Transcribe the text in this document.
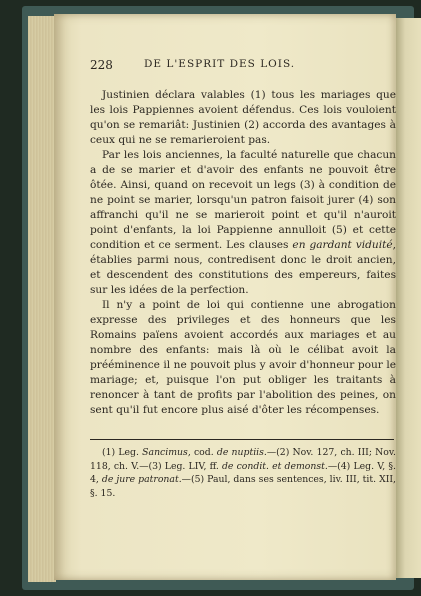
228	DE L'ESPRIT DES LOIS.

Justinien déclara valables (1) tous les mariages que les lois Pappiennes avoient défendus. Ces lois vouloient qu'on se remariât: Justinien (2) accorda des avantages à ceux qui ne se remarieroient pas.

Par les lois anciennes, la faculté naturelle que chacun a de se marier et d'avoir des enfants ne pouvoit être ôtée. Ainsi, quand on recevoit un legs (3) à condition de ne point se marier, lorsqu'un patron faisoit jurer (4) son affranchi qu'il ne se marieroit point et qu'il n'auroit point d'enfants, la loi Pappienne annulloit (5) et cette condition et ce serment. Les clauses en gardant viduité, établies parmi nous, contredisent donc le droit ancien, et descendent des constitutions des empereurs, faites sur les idées de la perfection.

Il n'y a point de loi qui contienne une abrogation expresse des privileges et des honneurs que les Romains païens avoient accordés aux mariages et au nombre des enfants: mais là où le célibat avoit la prééminence il ne pouvoit plus y avoir d'honneur pour le mariage; et, puisque l'on put obliger les traitants à renoncer à tant de profits par l'abolition des peines, on sent qu'il fut encore plus aisé d'ôter les récompenses.

(1) Leg. Sancimus, cod. de nuptiis.—(2) Nov. 127, ch. III; Nov. 118, ch. V.—(3) Leg. LIV, ff. de condit. et demonst.—(4) Leg. V, §. 4, de jure patronat.—(5) Paul, dans ses sentences, liv. III, tit. XII, §. 15.
